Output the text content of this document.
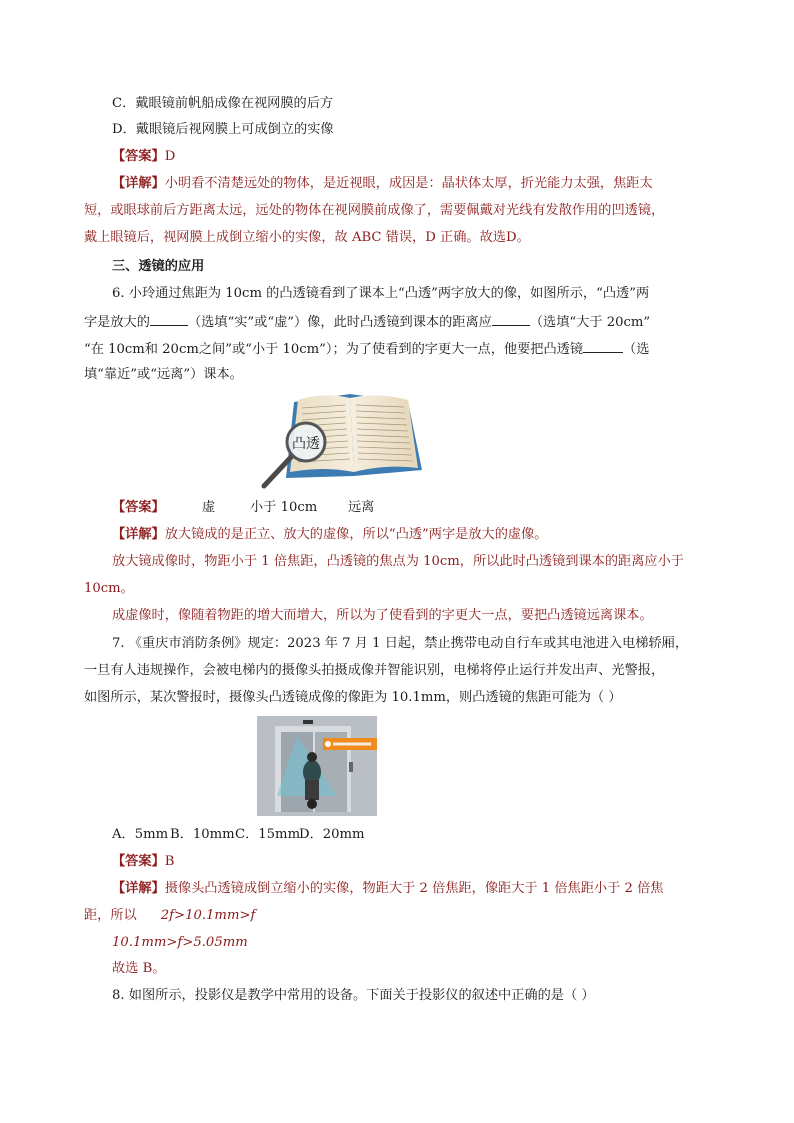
C．戴眼镜前帆船成像在视网膜的后方
D．戴眼镜后视网膜上可成倒立的实像
【答案】D
【详解】小明看不清楚远处的物体，是近视眼，成因是：晶状体太厚，折光能力太强，焦距太
短，或眼球前后方距离太远，远处的物体在视网膜前成像了，需要佩戴对光线有发散作用的凹透镜，
戴上眼镜后，视网膜上成倒立缩小的实像，故 ABC 错误，D 正确。故选D。
三、透镜的应用
6. 小玲通过焦距为 10cm 的凸透镜看到了课本上“凸透”两字放大的像，如图所示，“凸透”两
字是放大的	（选填“实”或“虚”）像，此时凸透镜到课本的距离应	（选填“大于 20cm”
“在 10cm和 20cm之间”或“小于 10cm”）；为了使看到的字更大一点，他要把凸透镜	（选
填“靠近”或“远离”）课本。
凸透
【答案】	虚	小于 10cm 远离
【详解】放大镜成的是正立、放大的虚像，所以“凸透”两字是放大的虚像。
放大镜成像时，物距小于 1 倍焦距，凸透镜的焦点为 10cm，所以此时凸透镜到课本的距离应小于
10cm。
成虚像时，像随着物距的增大而增大，所以为了使看到的字更大一点，要把凸透镜远离课本。
7. 《重庆市消防条例》规定：2023 年 7 月 1 日起，禁止携带电动自行车或其电池进入电梯轿厢，
一旦有人违规操作，会被电梯内的摄像头拍摄成像并智能识别，电梯将停止运行并发出声、光警报，
如图所示，某次警报时，摄像头凸透镜成像的像距为 10.1mm，则凸透镜的焦距可能为（ ）
A．5mm B．10mmC．15mmD．20mm
【答案】B
【详解】摄像头凸透镜成倒立缩小的实像，物距大于 2 倍焦距，像距大于 1 倍焦距小于 2 倍焦
距，所以 2f>10.1mm>f
10.1mm>f>5.05mm
故选 B。
8. 如图所示，投影仪是教学中常用的设备。下面关于投影仪的叙述中正确的是（ ）
